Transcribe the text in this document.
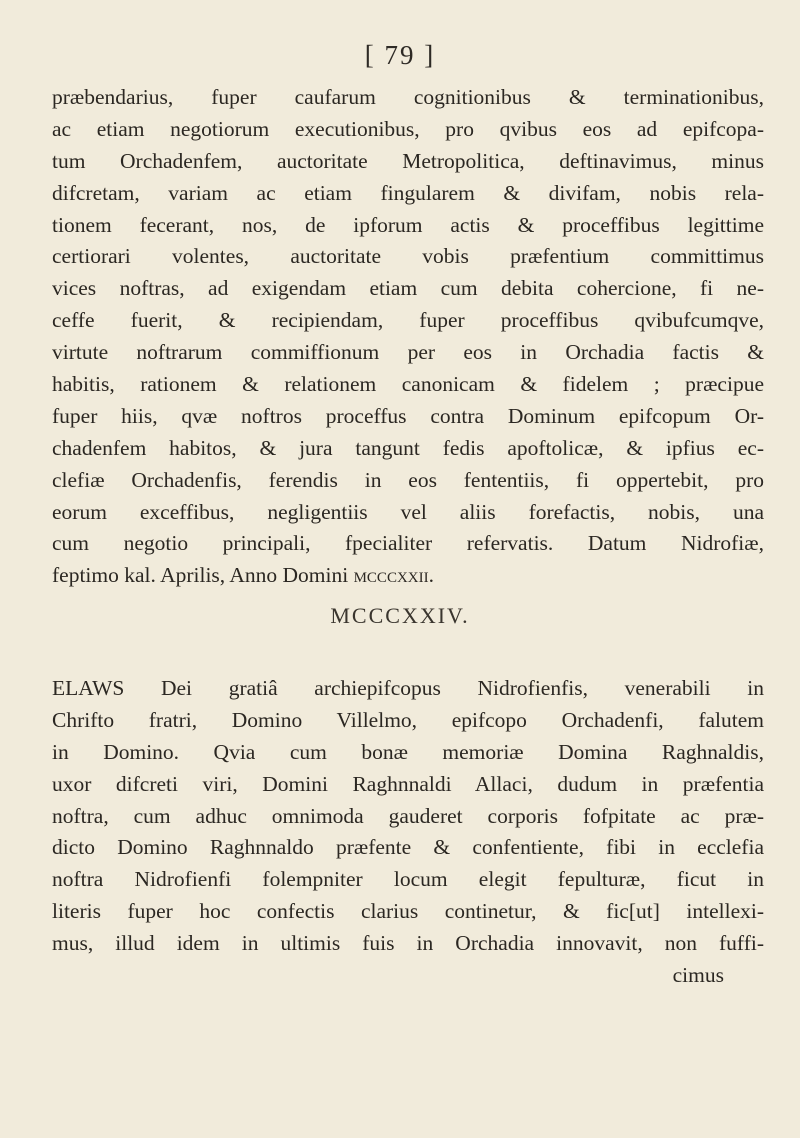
[ 79 ]
præbendarius, fuper caufarum cognitionibus & terminationibus,
ac etiam negotiorum executionibus, pro qvibus eos ad epifcopa-
tum Orchadenfem, auctoritate Metropolitica, deftinavimus, minus
difcretam, variam ac etiam fingularem & divifam, nobis rela-
tionem fecerant, nos, de ipforum actis & proceffibus legittime
certiorari volentes, auctoritate vobis præfentium committimus
vices noftras, ad exigendam etiam cum debita cohercione, fi ne-
ceffe fuerit, & recipiendam, fuper proceffibus qvibufcumqve,
virtute noftrarum commiffionum per eos in Orchadia factis &
habitis, rationem & relationem canonicam & fidelem ; præcipue
fuper hiis, qvæ noftros proceffus contra Dominum epifcopum Or-
chadenfem habitos, & jura tangunt fedis apoftolicæ, & ipfius ec-
clefiæ Orchadenfis, ferendis in eos fententiis, fi oppertebit, pro
eorum exceffibus, negligentiis vel aliis forefactis, nobis, una
cum negotio principali, fpecialiter refervatis. Datum Nidrofiæ,
feptimo kal. Aprilis, Anno Domini mcccxxii.
MCCCXXIV.
ELAWS Dei gratiâ archiepifcopus Nidrofienfis, venerabili in
Chrifto fratri, Domino Villelmo, epifcopo Orchadenfi, falutem
in Domino. Qvia cum bonæ memoriæ Domina Raghnaldis,
uxor difcreti viri, Domini Raghnnaldi Allaci, dudum in præfentia
noftra, cum adhuc omnimoda gauderet corporis fofpitate ac præ-
dicto Domino Raghnnaldo præfente & confentiente, fibi in ecclefia
noftra Nidrofienfi folempniter locum elegit fepulturæ, ficut in
literis fuper hoc confectis clarius continetur, & fic[ut] intellexi-
mus, illud idem in ultimis fuis in Orchadia innovavit, non fuffi-
cimus
